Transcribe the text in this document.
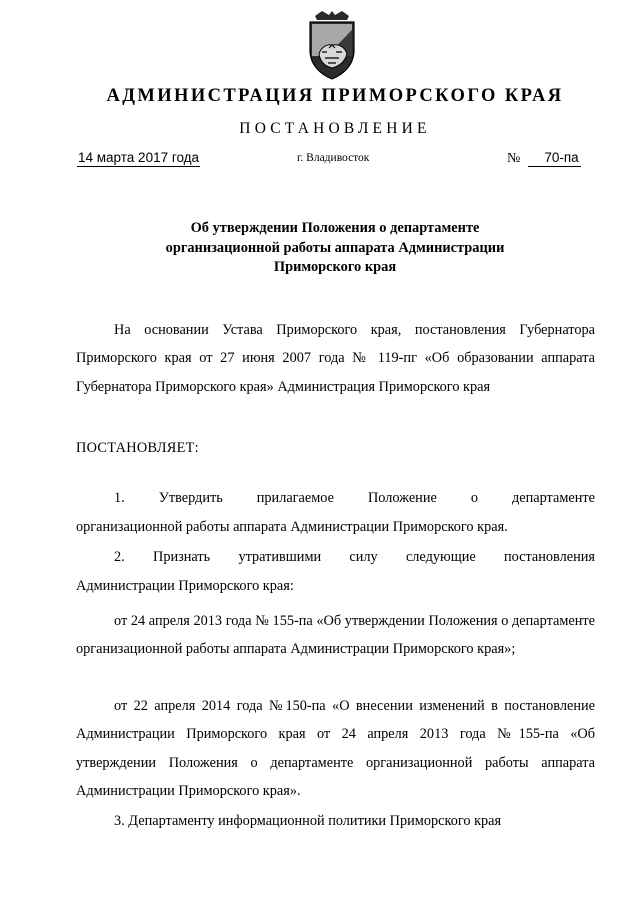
АДМИНИСТРАЦИЯ ПРИМОРСКОГО КРАЯ
ПОСТАНОВЛЕНИЕ
14 марта 2017 года	г. Владивосток	№ 70-па
Об утверждении Положения о департаменте
организационной работы аппарата Администрации
Приморского края

На основании Устава Приморского края, постановления Губернатора Приморского края от 27 июня 2007 года № 119-пг «Об образовании аппарата Губернатора Приморского края» Администрация Приморского края

ПОСТАНОВЛЯЕТ:
1. Утвердить прилагаемое Положение о департаменте
организационной работы аппарата Администрации Приморского края.
2. Признать утратившими силу следующие постановления
Администрации Приморского края:

от 24 апреля 2013 года № 155-па «Об утверждении Положения о департаменте организационной работы аппарата Администрации Приморского края»;

от 22 апреля 2014 года №150-па «О внесении изменений в постановление Администрации Приморского края от 24 апреля 2013 года №155-па «Об утверждении Положения о департаменте организационной работы аппарата Администрации Приморского края».

3. Департаменту информационной политики Приморского края
